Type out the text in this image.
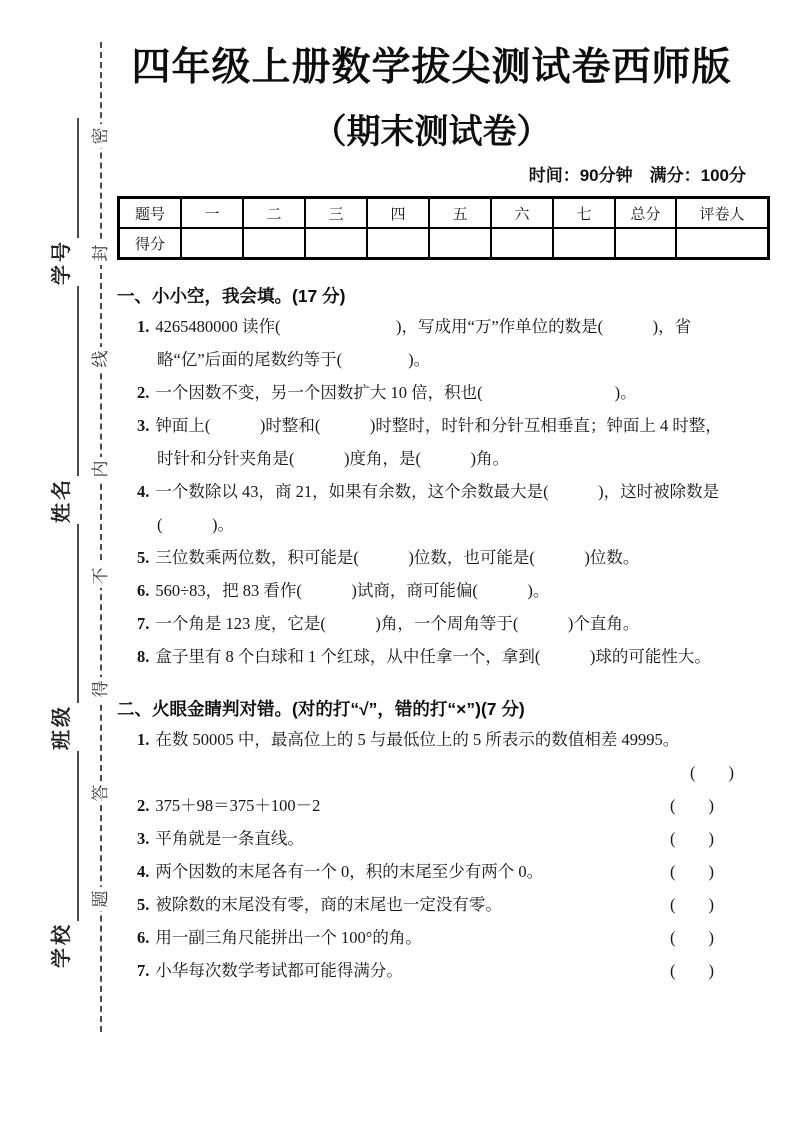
密
封
线
内
不
得
答
题
学号
姓名
班级
学校
四年级上册数学拔尖测试卷西师版
（期末测试卷）
时间：90分钟　满分：100分
题号	一	二	三	四	五	六	七	总分	评卷人
得分									
一、小小空，我会填。(17 分)
1. 4265480000 读作(　　　　　　　)，写成用“万”作单位的数是(　　　)，省
略“亿”后面的尾数约等于(　　　　)。
2. 一个因数不变，另一个因数扩大 10 倍，积也(　　　　　　　　)。
3. 钟面上(　　　)时整和(　　　)时整时，时针和分针互相垂直；钟面上 4 时整，
时针和分针夹角是(　　　)度角，是(　　　)角。
4. 一个数除以 43，商 21，如果有余数，这个余数最大是(　　　)，这时被除数是
(　　　)。
5. 三位数乘两位数，积可能是(　　　)位数，也可能是(　　　)位数。
6. 560÷83，把 83 看作(　　　)试商，商可能偏(　　　)。
7. 一个角是 123 度，它是(　　　)角，一个周角等于(　　　)个直角。
8. 盒子里有 8 个白球和 1 个红球，从中任拿一个，拿到(　　　)球的可能性大。
二、火眼金睛判对错。(对的打“√”，错的打“×”)(7 分)
1. 在数 50005 中，最高位上的 5 与最低位上的 5 所表示的数值相差 49995。
(　　)
2. 375＋98＝375＋100－2	(　　)
3. 平角就是一条直线。	(　　)
4. 两个因数的末尾各有一个 0，积的末尾至少有两个 0。	(　　)
5. 被除数的末尾没有零，商的末尾也一定没有零。	(　　)
6. 用一副三角尺能拼出一个 100°的角。	(　　)
7. 小华每次数学考试都可能得满分。	(　　)
